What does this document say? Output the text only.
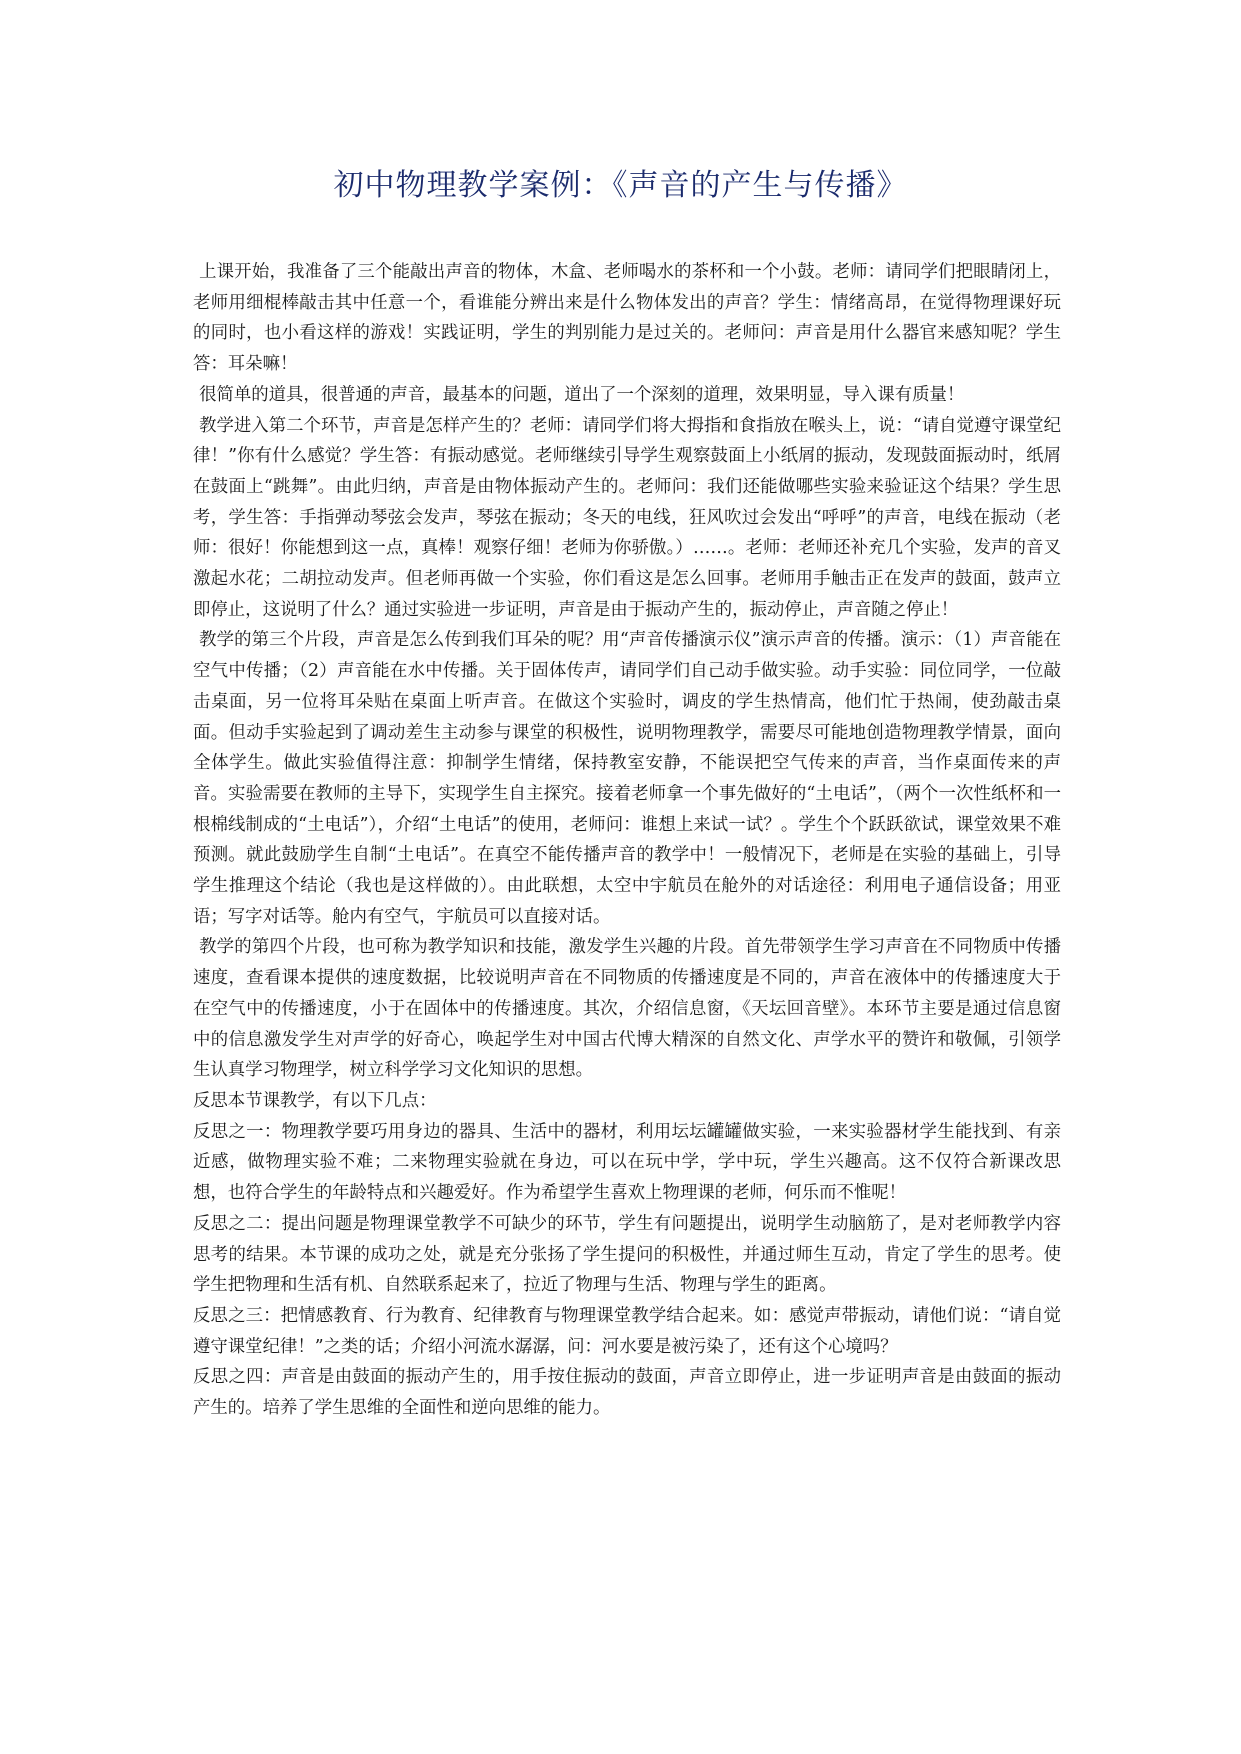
初中物理教学案例：《声音的产生与传播》

上课开始，我准备了三个能敲出声音的物体，木盒、老师喝水的茶杯和一个小鼓。老师：请同学们把眼睛闭上，老师用细棍棒敲击其中任意一个，看谁能分辨出来是什么物体发出的声音？学生：情绪高昂，在觉得物理课好玩的同时，也小看这样的游戏！实践证明，学生的判别能力是过关的。老师问：声音是用什么器官来感知呢？学生答：耳朵嘛！

很简单的道具，很普通的声音，最基本的问题，道出了一个深刻的道理，效果明显，导入课有质量！

教学进入第二个环节，声音是怎样产生的？老师：请同学们将大拇指和食指放在喉头上，说：“请自觉遵守课堂纪律！”你有什么感觉？学生答：有振动感觉。老师继续引导学生观察鼓面上小纸屑的振动，发现鼓面振动时，纸屑在鼓面上“跳舞”。由此归纳，声音是由物体振动产生的。老师问：我们还能做哪些实验来验证这个结果？学生思考，学生答：手指弹动琴弦会发声，琴弦在振动；冬天的电线，狂风吹过会发出“呼呼”的声音，电线在振动（老师：很好！你能想到这一点，真棒！观察仔细！老师为你骄傲。）……。老师：老师还补充几个实验，发声的音叉激起水花；二胡拉动发声。但老师再做一个实验，你们看这是怎么回事。老师用手触击正在发声的鼓面，鼓声立即停止，这说明了什么？通过实验进一步证明，声音是由于振动产生的，振动停止，声音随之停止！

教学的第三个片段，声音是怎么传到我们耳朵的呢？用“声音传播演示仪”演示声音的传播。演示：（1）声音能在空气中传播；（2）声音能在水中传播。关于固体传声，请同学们自己动手做实验。动手实验：同位同学，一位敲击桌面，另一位将耳朵贴在桌面上听声音。在做这个实验时，调皮的学生热情高，他们忙于热闹，使劲敲击桌面。但动手实验起到了调动差生主动参与课堂的积极性，说明物理教学，需要尽可能地创造物理教学情景，面向全体学生。做此实验值得注意：抑制学生情绪，保持教室安静，不能误把空气传来的声音，当作桌面传来的声音。实验需要在教师的主导下，实现学生自主探究。接着老师拿一个事先做好的“土电话”，（两个一次性纸杯和一根棉线制成的“土电话”），介绍“土电话”的使用，老师问：谁想上来试一试？。学生个个跃跃欲试，课堂效果不难预测。就此鼓励学生自制“土电话”。在真空不能传播声音的教学中！一般情况下，老师是在实验的基础上，引导学生推理这个结论（我也是这样做的）。由此联想，太空中宇航员在舱外的对话途径：利用电子通信设备；用亚语；写字对话等。舱内有空气，宇航员可以直接对话。

教学的第四个片段，也可称为教学知识和技能，激发学生兴趣的片段。首先带领学生学习声音在不同物质中传播速度，查看课本提供的速度数据，比较说明声音在不同物质的传播速度是不同的，声音在液体中的传播速度大于在空气中的传播速度，小于在固体中的传播速度。其次，介绍信息窗，《天坛回音壁》。本环节主要是通过信息窗中的信息激发学生对声学的好奇心，唤起学生对中国古代博大精深的自然文化、声学水平的赞许和敬佩，引领学生认真学习物理学，树立科学学习文化知识的思想。

反思本节课教学，有以下几点：

反思之一：物理教学要巧用身边的器具、生活中的器材，利用坛坛罐罐做实验，一来实验器材学生能找到、有亲近感，做物理实验不难；二来物理实验就在身边，可以在玩中学，学中玩，学生兴趣高。这不仅符合新课改思想，也符合学生的年龄特点和兴趣爱好。作为希望学生喜欢上物理课的老师，何乐而不惟呢！

反思之二：提出问题是物理课堂教学不可缺少的环节，学生有问题提出，说明学生动脑筋了，是对老师教学内容思考的结果。本节课的成功之处，就是充分张扬了学生提问的积极性，并通过师生互动，肯定了学生的思考。使学生把物理和生活有机、自然联系起来了，拉近了物理与生活、物理与学生的距离。

反思之三：把情感教育、行为教育、纪律教育与物理课堂教学结合起来。如：感觉声带振动，请他们说：“请自觉遵守课堂纪律！”之类的话；介绍小河流水潺潺，问：河水要是被污染了，还有这个心境吗？

反思之四：声音是由鼓面的振动产生的，用手按住振动的鼓面，声音立即停止，进一步证明声音是由鼓面的振动产生的。培养了学生思维的全面性和逆向思维的能力。
